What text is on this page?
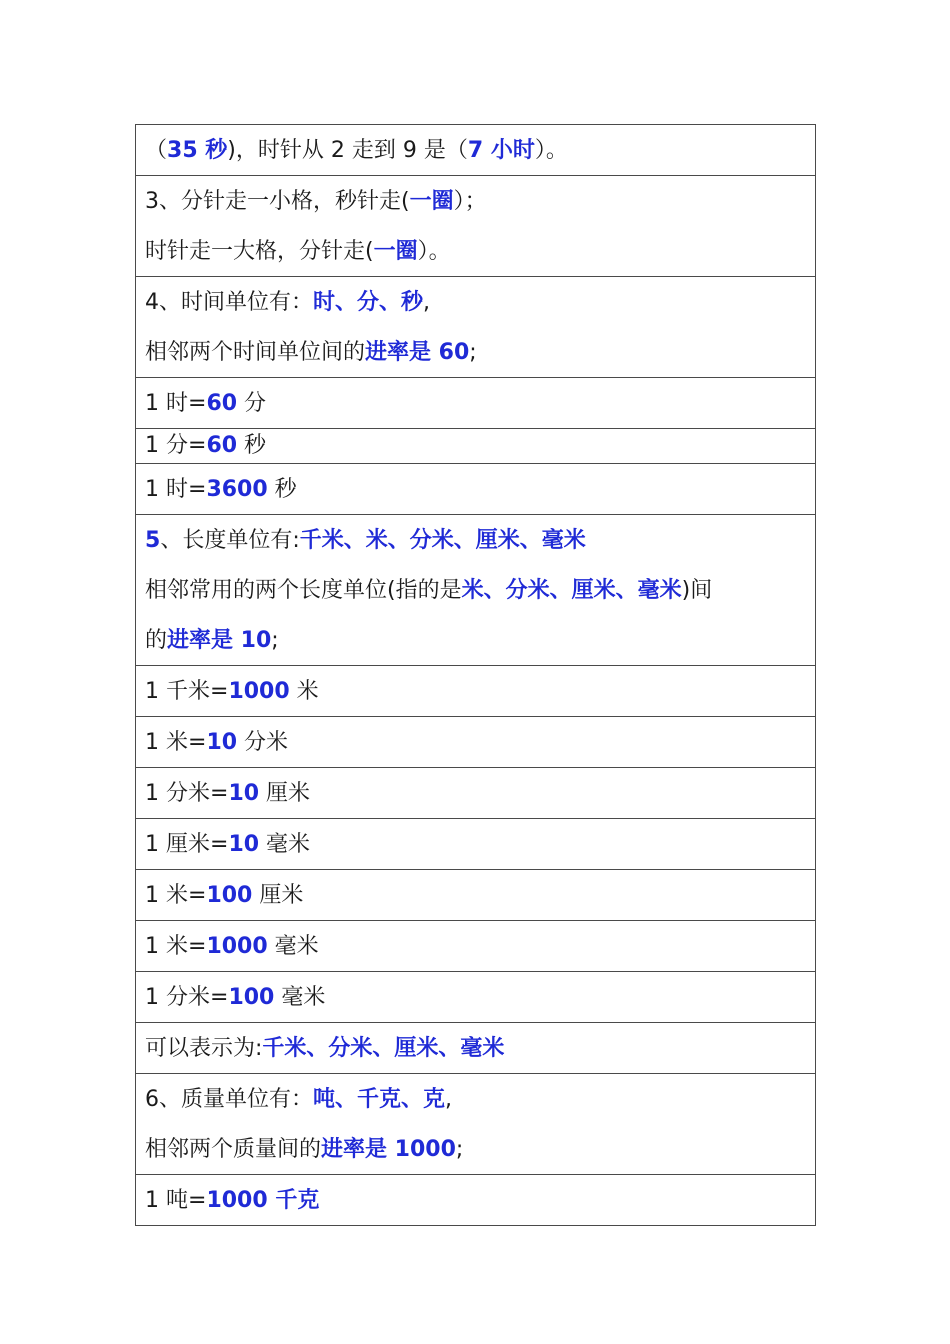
（35 秒)，时针从 2 走到 9 是（7 小时）。

3、分针走一小格，秒针走(一圈）；
时针走一大格，分针走(一圈）。

4、时间单位有：时、分、秒,
相邻两个时间单位间的进率是 60;

1 时=60 分

1 分=60 秒

1 时=3600 秒

5、长度单位有:千米、米、分米、厘米、毫米
相邻常用的两个长度单位(指的是米、分米、厘米、毫米)间
的进率是 10;

1 千米=1000 米

1 米=10 分米

1 分米=10 厘米

1 厘米=10 毫米

1 米=100 厘米

1 米=1000 毫米

1 分米=100 毫米

可以表示为:千米、分米、厘米、毫米

6、质量单位有：吨、千克、克,
相邻两个质量间的进率是 1000;

1 吨=1000 千克
